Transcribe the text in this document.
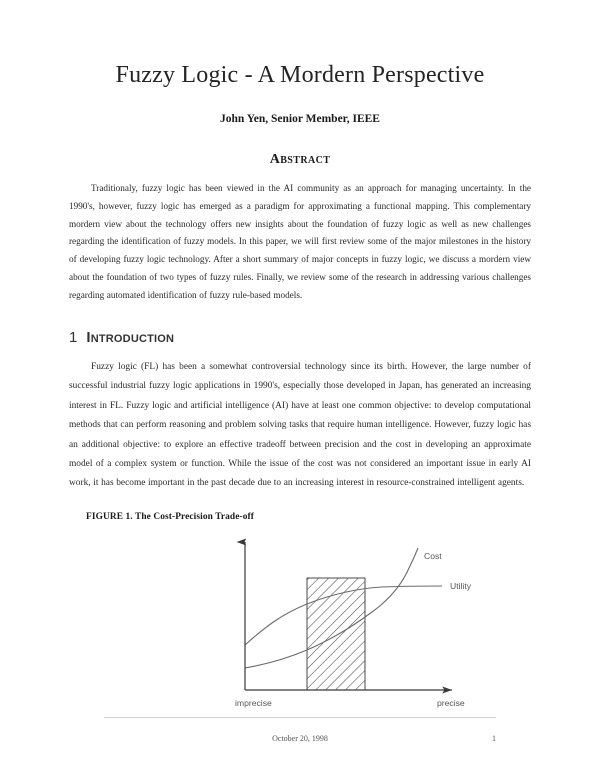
Fuzzy Logic - A Mordern Perspective
John Yen, Senior Member, IEEE
Abstract
Traditionaly, fuzzy logic has been viewed in the AI community as an approach for managing uncertainty. In the 1990's, however, fuzzy logic has emerged as a paradigm for approximating a functional mapping. This complementary mordern view about the technology offers new insights about the foundation of fuzzy logic as well as new challenges regarding the identification of fuzzy models. In this paper, we will first review some of the major milestones in the history of developing fuzzy logic technology. After a short summary of major concepts in fuzzy logic, we discuss a mordern view about the foundation of two types of fuzzy rules. Finally, we review some of the research in addressing various challenges regarding automated identification of fuzzy rule-based models.
1 Introduction
Fuzzy logic (FL) has been a somewhat controversial technology since its birth. However, the large number of successful industrial fuzzy logic applications in 1990's, especially those developed in Japan, has generated an increasing interest in FL. Fuzzy logic and artificial intelligence (AI) have at least one common objective: to develop computational methods that can perform reasoning and problem solving tasks that require human intelligence. However, fuzzy logic has an additional objective: to explore an effective tradeoff between precision and the cost in developing an approximate model of a complex system or function. While the issue of the cost was not considered an important issue in early AI work, it has become important in the past decade due to an increasing interest in resource-constrained intelligent agents.
FIGURE 1. The Cost-Precision Trade-off
Cost
Utility
imprecise	precise
October 20, 1998	1
